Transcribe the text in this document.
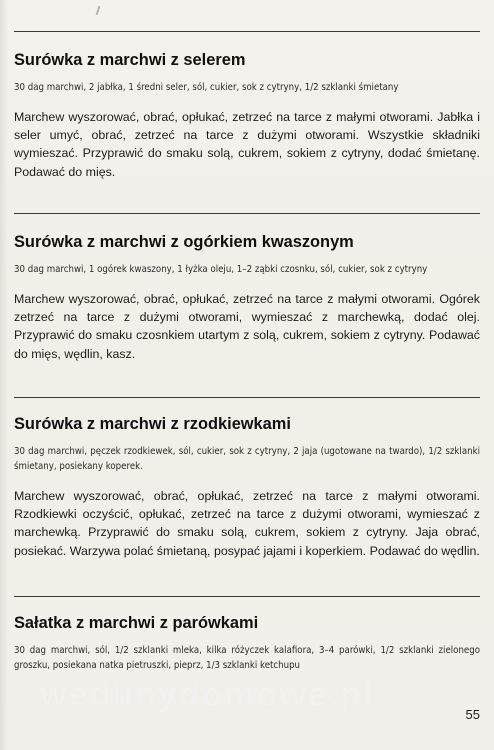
Surówka z marchwi z selerem

30 dag marchwi, 2 jabłka, 1 średni seler, sól, cukier, sok z cytryny, 1/2 szklanki śmietany

Marchew wyszorować, obrać, opłukać, zetrzeć na tarce z małymi otworami. Jabłka i seler umyć, obrać, zetrzeć na tarce z dużymi otworami. Wszystkie składniki wymieszać. Przyprawić do smaku solą, cukrem, sokiem z cytryny, dodać śmietanę. Podawać do mięs.

Surówka z marchwi z ogórkiem kwaszonym

30 dag marchwi, 1 ogórek kwaszony, 1 łyżka oleju, 1–2 ząbki czosnku, sól, cukier, sok z cytryny

Marchew wyszorować, obrać, opłukać, zetrzeć na tarce z małymi otworami. Ogórek zetrzeć na tarce z dużymi otworami, wymieszać z marchewką, dodać olej. Przyprawić do smaku czosnkiem utartym z solą, cukrem, sokiem z cytryny. Podawać do mięs, wędlin, kasz.

Surówka z marchwi z rzodkiewkami

30 dag marchwi, pęczek rzodkiewek, sól, cukier, sok z cytryny, 2 jaja (ugotowane na twardo), 1/2 szklanki śmietany, posiekany koperek.

Marchew wyszorować, obrać, opłukać, zetrzeć na tarce z małymi otworami. Rzodkiewki oczyścić, opłukać, zetrzeć na tarce z dużymi otworami, wymieszać z marchewką. Przyprawić do smaku solą, cukrem, sokiem z cytryny. Jaja obrać, posiekać. Warzywa polać śmietaną, posypać jajami i koperkiem. Podawać do wędlin.

Sałatka z marchwi z parówkami

30 dag marchwi, sól, 1/2 szklanki mleka, kilka różyczek kalafiora, 3–4 parówki, 1/2 szklanki zielonego groszku, posiekana natka pietruszki, pieprz, 1/3 szklanki ketchupu

wedlinydomowe.pl
55
